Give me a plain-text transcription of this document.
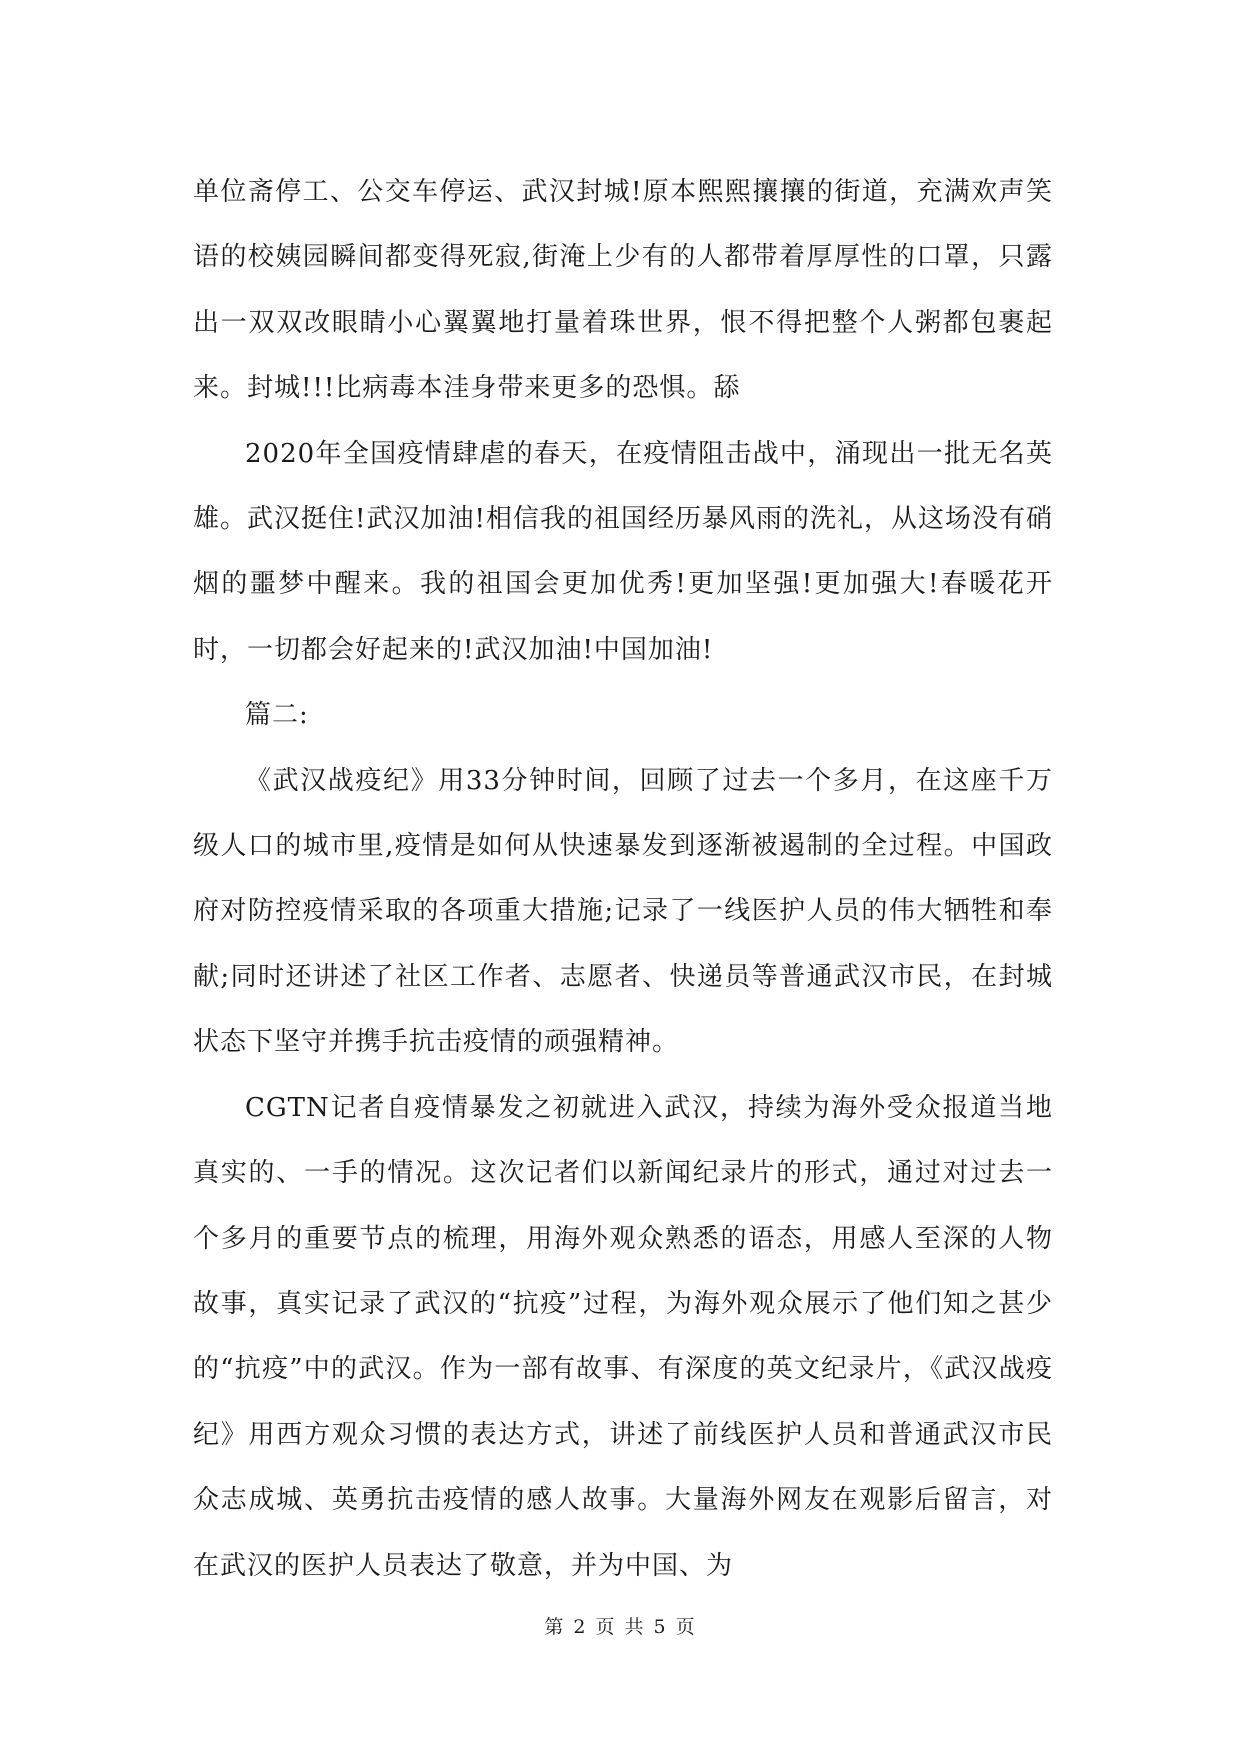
单位斋停工、公交车停运、武汉封城!原本熙熙攘攘的街道，充满欢声笑语的校姨园瞬间都变得死寂,街淹上少有的人都带着厚厚性的口罩，只露出一双双改眼睛小心翼翼地打量着珠世界，恨不得把整个人粥都包裹起来。封城!!!比病毒本洼身带来更多的恐惧。舔

2020年全国疫情肆虐的春天，在疫情阻击战中，涌现出一批无名英雄。武汉挺住!武汉加油!相信我的祖国经历暴风雨的洗礼，从这场没有硝烟的噩梦中醒来。我的祖国会更加优秀!更加坚强!更加强大!春暖花开时，一切都会好起来的!武汉加油!中国加油!

篇二:

《武汉战疫纪》用33分钟时间，回顾了过去一个多月，在这座千万级人口的城市里,疫情是如何从快速暴发到逐渐被遏制的全过程。中国政府对防控疫情采取的各项重大措施;记录了一线医护人员的伟大牺牲和奉献;同时还讲述了社区工作者、志愿者、快递员等普通武汉市民，在封城状态下坚守并携手抗击疫情的顽强精神。

CGTN记者自疫情暴发之初就进入武汉，持续为海外受众报道当地真实的、一手的情况。这次记者们以新闻纪录片的形式，通过对过去一个多月的重要节点的梳理，用海外观众熟悉的语态，用感人至深的人物故事，真实记录了武汉的“抗疫”过程，为海外观众展示了他们知之甚少的“抗疫”中的武汉。作为一部有故事、有深度的英文纪录片，《武汉战疫纪》用西方观众习惯的表达方式，讲述了前线医护人员和普通武汉市民众志成城、英勇抗击疫情的感人故事。大量海外网友在观影后留言，对在武汉的医护人员表达了敬意，并为中国、为

第 2 页 共 5 页
